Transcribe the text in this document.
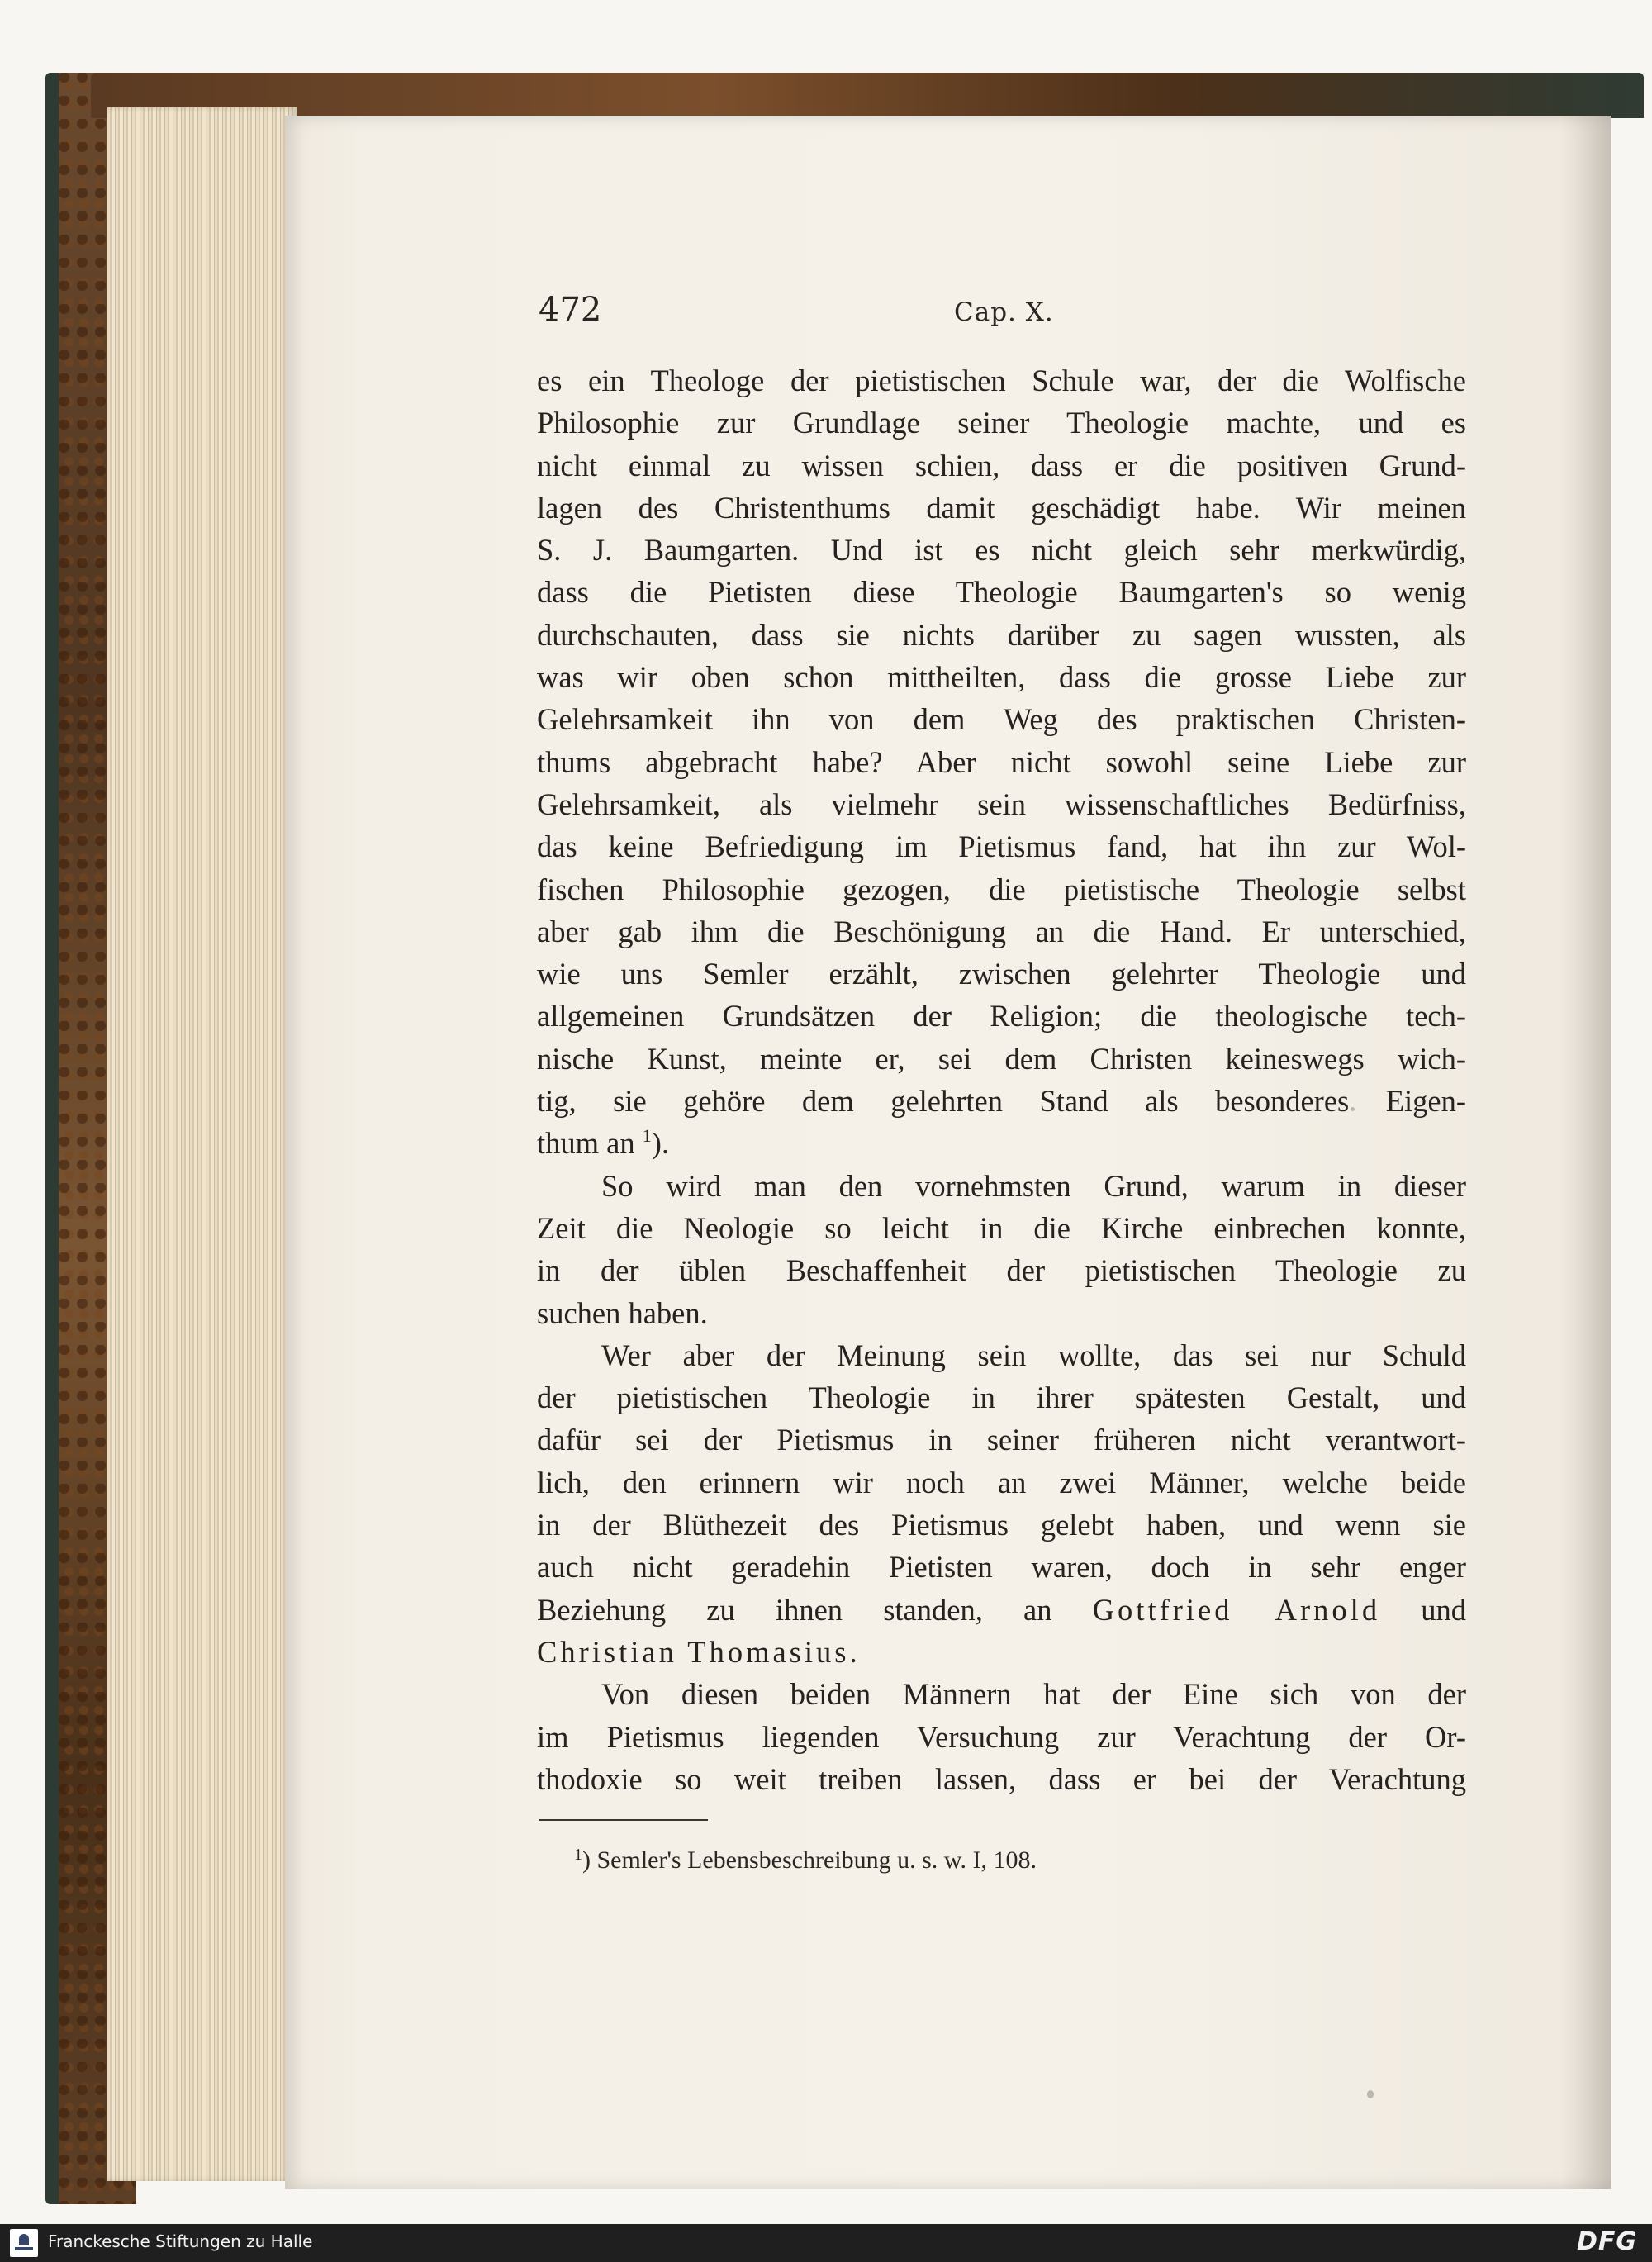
472	Cap. X.
es ein Theologe der pietistischen Schule war, der die Wolfische
Philosophie zur Grundlage seiner Theologie machte, und es
nicht einmal zu wissen schien, dass er die positiven Grund-
lagen des Christenthums damit geschädigt habe. Wir meinen
S. J. Baumgarten. Und ist es nicht gleich sehr merkwürdig,
dass die Pietisten diese Theologie Baumgarten's so wenig
durchschauten, dass sie nichts darüber zu sagen wussten, als
was wir oben schon mittheilten, dass die grosse Liebe zur
Gelehrsamkeit ihn von dem Weg des praktischen Christen-
thums abgebracht habe? Aber nicht sowohl seine Liebe zur
Gelehrsamkeit, als vielmehr sein wissenschaftliches Bedürfniss,
das keine Befriedigung im Pietismus fand, hat ihn zur Wol-
fischen Philosophie gezogen, die pietistische Theologie selbst
aber gab ihm die Beschönigung an die Hand. Er unterschied,
wie uns Semler erzählt, zwischen gelehrter Theologie und
allgemeinen Grundsätzen der Religion; die theologische tech-
nische Kunst, meinte er, sei dem Christen keineswegs wich-
tig, sie gehöre dem gelehrten Stand als besonderes Eigen-
thum an $^1$).
So wird man den vornehmsten Grund, warum in dieser
Zeit die Neologie so leicht in die Kirche einbrechen konnte,
in der üblen Beschaffenheit der pietistischen Theologie zu
suchen haben.
Wer aber der Meinung sein wollte, das sei nur Schuld
der pietistischen Theologie in ihrer spätesten Gestalt, und
dafür sei der Pietismus in seiner früheren nicht verantwort-
lich, den erinnern wir noch an zwei Männer, welche beide
in der Blüthezeit des Pietismus gelebt haben, und wenn sie
auch nicht geradehin Pietisten waren, doch in sehr enger
Beziehung zu ihnen standen, an Gottfried Arnold und
Christian Thomasius.
Von diesen beiden Männern hat der Eine sich von der
im Pietismus liegenden Versuchung zur Verachtung der Or-
thodoxie so weit treiben lassen, dass er bei der Verachtung
$^1$) Semler's Lebensbeschreibung u. s. w. I, 108.
Franckesche Stiftungen zu Halle	DFG
